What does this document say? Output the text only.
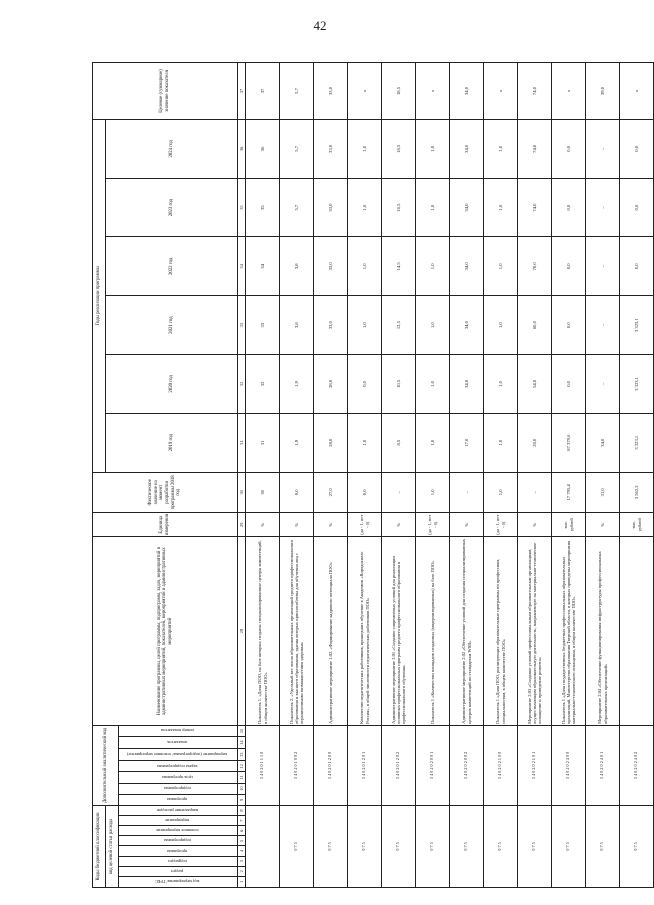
42
Коды бюджетной классификации								Дополнительный аналитический код							Наименование программы, целей программы, подпрограмм, задач, мероприятий и административных мероприятий, показателей, мероприятий и административных мероприятий	Единица измерения	Фактическое значение на момент разработки программы 2018 год	Годы реализации программы						Целевое (суммарное) значение показателя
код целевой статьи расхода																		2019 год	2020 год	2021 год	2022 год	2023 год	2024 год	
код мероприятия/ ГРБС	раздел	подраздел	программа	подпрограмма	основное мероприятие	мероприятие	направление расходов	программа	подпрограмма	цель программы	задача подпрограммы	мероприятие (подпрограмма/ основное мероприятие)	показатель	номер показателя										
1	2	3	4	5	6	7	8	9	10	11	12	13	14	15	28	29	30	31	32	33	34	35	36	37
								5 4 0 2 0 1 1 1 0							Показатель 1. «Доля ПОО, на базе которых созданы специализированные центры компетенций, в общем количестве ПОО»	%	30	31	32	33	34	35	36	37
0 7 5								5 4 0 2 0 1 0 0 2							Показатель 2. «Удельный вес числа образовательных организаций среднего профессионального образования и высшего образования, здания которых приспособлены для обучения лиц с ограниченными возможностями здоровья»	%	0,0	1,9	1,9	3,8	3,8	5,7	5,7	5,7
0 7 5								5 4 0 2 0 1 2 0 0							Административное мероприятие 1.02. «Формирование кадрового потенциала ПОО»	%	27,0	28,0	28,0	33,0	33,0	33,0	33,0	33,0
0 7 5								5 4 0 2 0 1 2 0 1							Количество педагогических работников, прошедших обучение в Академии «Ворлдскиллс Россия», в общей численности педагогических работников ПОО»	(да - 1, нет - 0)	0,0	1,0	0,0	1,0	1,0	1,0	1,0	x
0 7 5								5 4 0 2 0 1 2 0 2							Административное мероприятие 2.01 «Создание современных условий для реализации основных профессиональных программ среднего профессионального образования и профессионального обучения»	%	–	8,5	10,5	12,5	14,5	16,5	18,5	18,5
0 7 5								5 4 0 2 0 2 0 0 1							Показатель 1 «Количество площадок созданных (модернизированных) на базе ПОО»	(да - 1, нет - 0)	1,0	1,0	1,0	1,0	1,0	1,0	1,0	x
0 7 5								5 4 0 2 0 2 0 0 2							Административное мероприятие 2.02 «Обеспечение условий для создания специализированных центров компетенций по стандартам WSR»	%	–	17,0	34,0	34,0	34,0	34,0	34,0	34,0
0 7 5								5 4 0 2 0 2 1 0 0							Показатель 1 «Доля ПОО, реализующих образовательные программы по профессиям, специальностям, в общем количестве ПОО»	(да - 1, нет - 0)	1,0	1,0	1,0	1,0	1,0	1,0	1,0	x
0 7 5								5 4 0 2 0 2 1 0 1							Мероприятие 2.03 «Создание условий профессиональным образовательным организациям, осуществляющим образовательную деятельность, направленную на материально-техническое оснащение и проведение ремонта»	%	–	20,0	54,0	60,0	70,0	74,0	74,0	74,0
0 7 5								5 4 0 2 0 2 4 0 0							Показатель 1 «Доля государственных бюджетных профессиональных образовательных организаций, Министерство образования Тверской области, в которых проведены мероприятия материально-технического оснащения, в общем количестве ПОО»	тыс. рублей	17 795,4	87 379,6	0,0	0,0	0,0	0,0	0,0	x
0 7 5								5 4 0 2 0 2 4 0 1							Мероприятие 2.04 «Обеспечение функционирования инфраструктуры профессиональных образовательных организаций»	%	31,0	34,0	–	–	–	–	–	39,0
0 7 5								5 4 0 2 0 2 4 0 2								тыс. рублей	3 562,2	3 323,1	3 323,1	3 323,1	0,0	0,0	0,0	x
